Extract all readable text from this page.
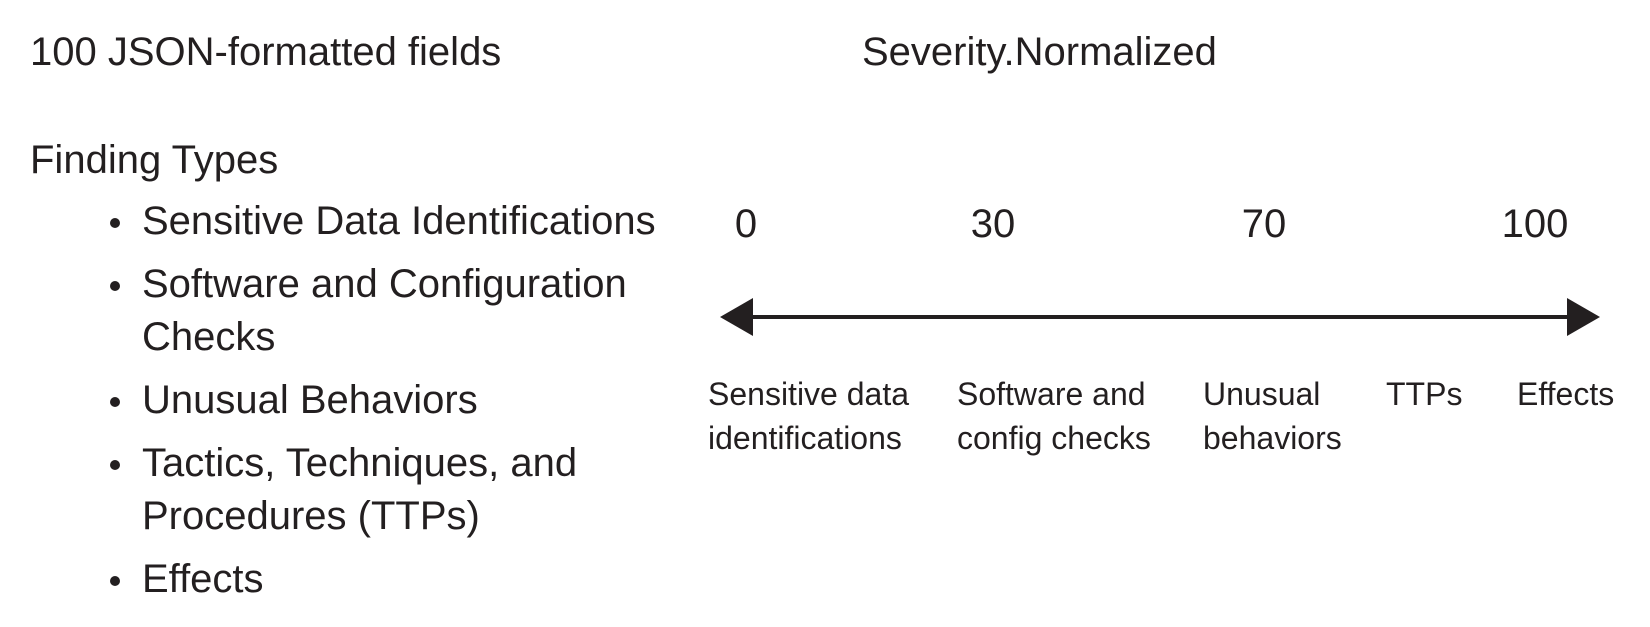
100 JSON-formatted fields
Finding Types
Sensitive Data Identifications
Software and Configuration
Checks
Unusual Behaviors
Tactics, Techniques, and
Procedures (TTPs)
Effects
Severity.Normalized
0	30	70	100
Sensitive data
identifications
Software and
config checks
Unusual
behaviors
TTPs Effects
